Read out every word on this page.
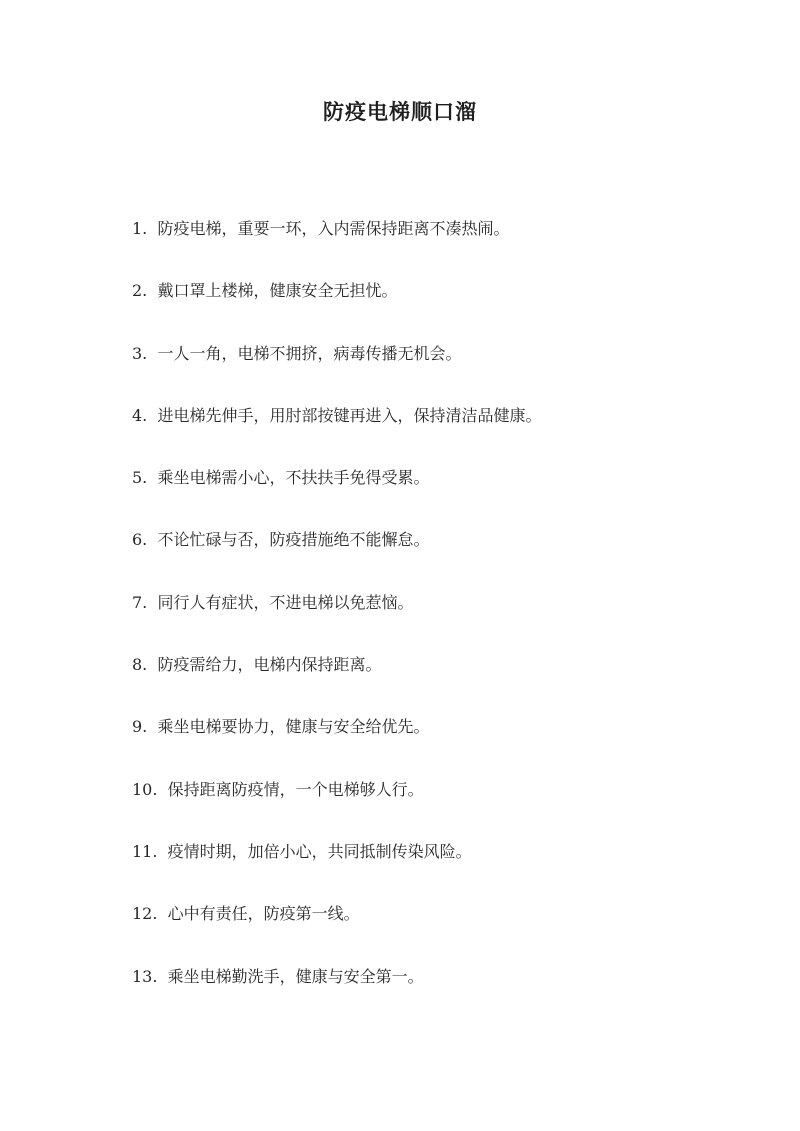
防疫电梯顺口溜
1. 防疫电梯，重要一环，入内需保持距离不凑热闹。
2. 戴口罩上楼梯，健康安全无担忧。
3. 一人一角，电梯不拥挤，病毒传播无机会。
4. 进电梯先伸手，用肘部按键再进入，保持清洁品健康。
5. 乘坐电梯需小心，不扶扶手免得受累。
6. 不论忙碌与否，防疫措施绝不能懈怠。
7. 同行人有症状，不进电梯以免惹恼。
8. 防疫需给力，电梯内保持距离。
9. 乘坐电梯要协力，健康与安全给优先。
10. 保持距离防疫情，一个电梯够人行。
11. 疫情时期，加倍小心，共同抵制传染风险。
12. 心中有责任，防疫第一线。
13. 乘坐电梯勤洗手，健康与安全第一。
